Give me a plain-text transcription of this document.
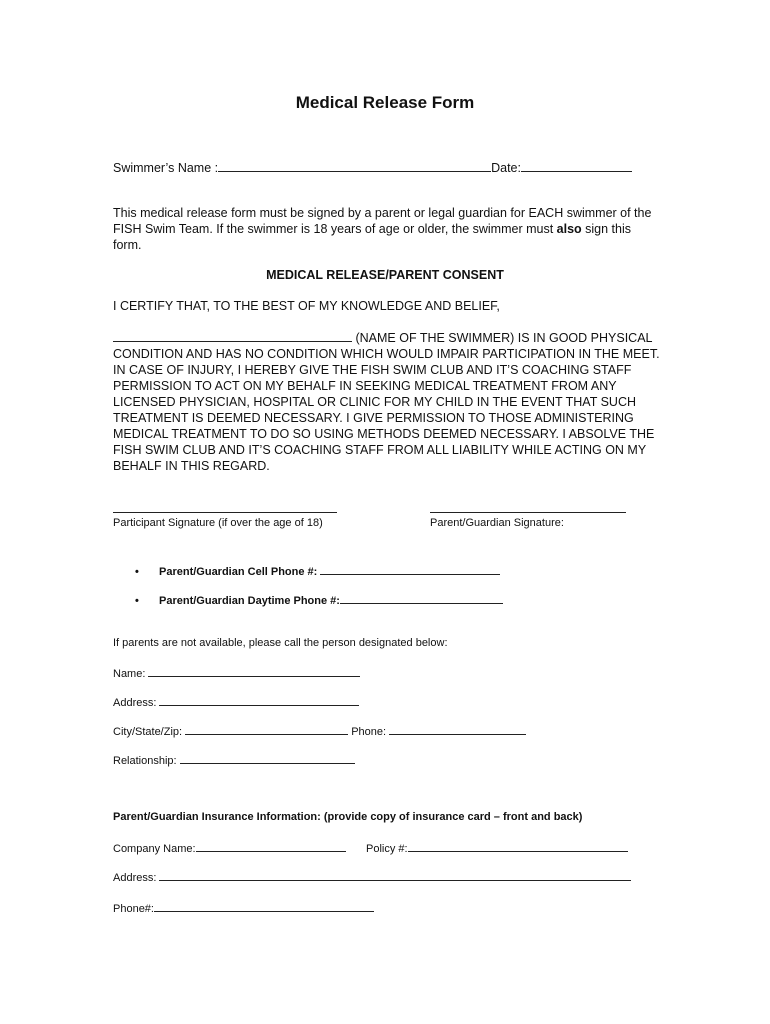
Medical Release Form
Swimmer’s Name :	Date:
This medical release form must be signed by a parent or legal guardian for EACH swimmer of the FISH Swim Team. If the swimmer is 18 years of age or older, the swimmer must also sign this form.
MEDICAL RELEASE/PARENT CONSENT
I CERTIFY THAT, TO THE BEST OF MY KNOWLEDGE AND BELIEF,
(NAME OF THE SWIMMER) IS IN GOOD PHYSICAL CONDITION AND HAS NO CONDITION WHICH WOULD IMPAIR PARTICIPATION IN THE MEET. IN CASE OF INJURY, I HEREBY GIVE THE FISH SWIM CLUB AND IT’S COACHING STAFF PERMISSION TO ACT ON MY BEHALF IN SEEKING MEDICAL TREATMENT FROM ANY LICENSED PHYSICIAN, HOSPITAL OR CLINIC FOR MY CHILD IN THE EVENT THAT SUCH TREATMENT IS DEEMED NECESSARY. I GIVE PERMISSION TO THOSE ADMINISTERING MEDICAL TREATMENT TO DO SO USING METHODS DEEMED NECESSARY. I ABSOLVE THE FISH SWIM CLUB AND IT’S COACHING STAFF FROM ALL LIABILITY WHILE ACTING ON MY BEHALF IN THIS REGARD.
Participant Signature (if over the age of 18)	Parent/Guardian Signature:
• Parent/Guardian Cell Phone #:
• Parent/Guardian Daytime Phone #:
If parents are not available, please call the person designated below:
Name:
Address:
City/State/Zip:	Phone:
Relationship:
Parent/Guardian Insurance Information: (provide copy of insurance card – front and back)
Company Name:	Policy #:
Address:
Phone#:
